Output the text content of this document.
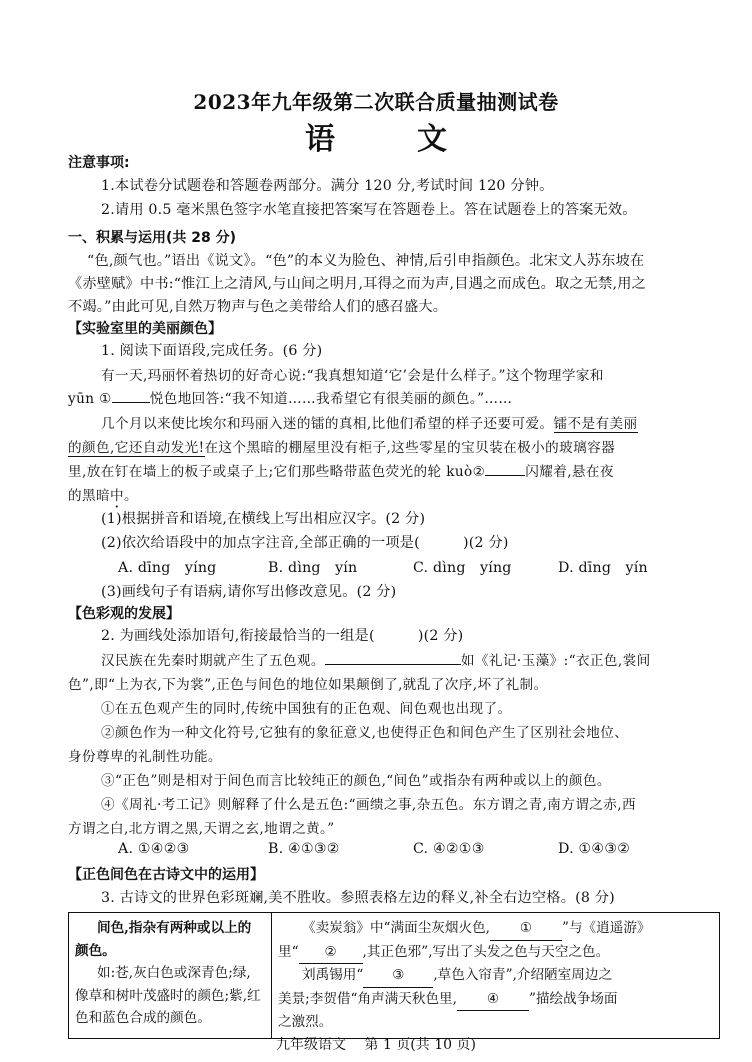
2023年九年级第二次联合质量抽测试卷
语	文
注意事项:
1.本试卷分试题卷和答题卷两部分。满分 120 分,考试时间 120 分钟。
2.请用 0.5 毫米黑色签字水笔直接把答案写在答题卷上。答在试题卷上的答案无效。
一、积累与运用(共 28 分)
“色,颜气也。”语出《说文》。“色”的本义为脸色、神情,后引申指颜色。北宋文人苏东坡在
《赤壁赋》中书:“惟江上之清风,与山间之明月,耳得之而为声,目遇之而成色。取之无禁,用之
不竭。”由此可见,自然万物声与色之美带给人们的感召盛大。
【实验室里的美丽颜色】
1. 阅读下面语段,完成任务。(6 分)
有一天,玛丽怀着热切的好奇心说:“我真想知道‘它’会是什么样子。”这个物理学家和
yūn ①	悦色地回答:“我不知道……我希望它有很美丽的颜色。”……
几个月以来使比埃尔和玛丽入迷的镭的真相,比他们希望的样子还要可爱。镭不是有美丽
的颜色,它还自动发光!在这个黑暗的棚屋里没有柜子,这些零星的宝贝装在极小的玻璃容器
里,放在钉在墙上的板子或桌子上;它们那些略带蓝色荧光的轮 kuò②	闪耀着,悬在夜
的黑暗中。
(1)根据拼音和语境,在横线上写出相应汉字。(2 分)
(2)依次给语段中的加点字注音,全部正确的一项是(　　　)(2 分)
A. dīng　yíng	B. dìng　yín	C. dìng　yíng	D. dīng　yín
(3)画线句子有语病,请你写出修改意见。(2 分)
【色彩观的发展】
2. 为画线处添加语句,衔接最恰当的一组是(　　　)(2 分)
汉民族在先秦时期就产生了五色观。	如《礼记·玉藻》:“衣正色,裳间
色”,即“上为衣,下为裳”,正色与间色的地位如果颠倒了,就乱了次序,坏了礼制。
①在五色观产生的同时,传统中国独有的正色观、间色观也出现了。
②颜色作为一种文化符号,它独有的象征意义,也使得正色和间色产生了区别社会地位、
身份尊卑的礼制性功能。
③“正色”则是相对于间色而言比较纯正的颜色,“间色”或指杂有两种或以上的颜色。
④《周礼·考工记》则解释了什么是五色:“画缋之事,杂五色。东方谓之青,南方谓之赤,西
方谓之白,北方谓之黑,天谓之玄,地谓之黄。”
A. ①④②③	B. ④①③②	C. ④②①③	D. ①④③②
【正色间色在古诗文中的运用】
3. 古诗文的世界色彩斑斓,美不胜收。参照表格左边的释义,补全右边空格。(8 分)
间色,指杂有两种或以上的
颜色。
如:苍,灰白色或深青色;绿,
像草和树叶茂盛时的颜色;紫,红
色和蓝色合成的颜色。

《卖炭翁》中“满面尘灰烟火色, ① ”与《逍遥游》
里“ ② ,其正色邪”,写出了头发之色与天空之色。
刘禹锡用“ ③ ,草色入帘青”,介绍陋室周边之
美景;李贺借“角声满天秋色里, ④ ”描绘战争场面
之激烈。
九年级语文　 第 1 页(共 10 页)
